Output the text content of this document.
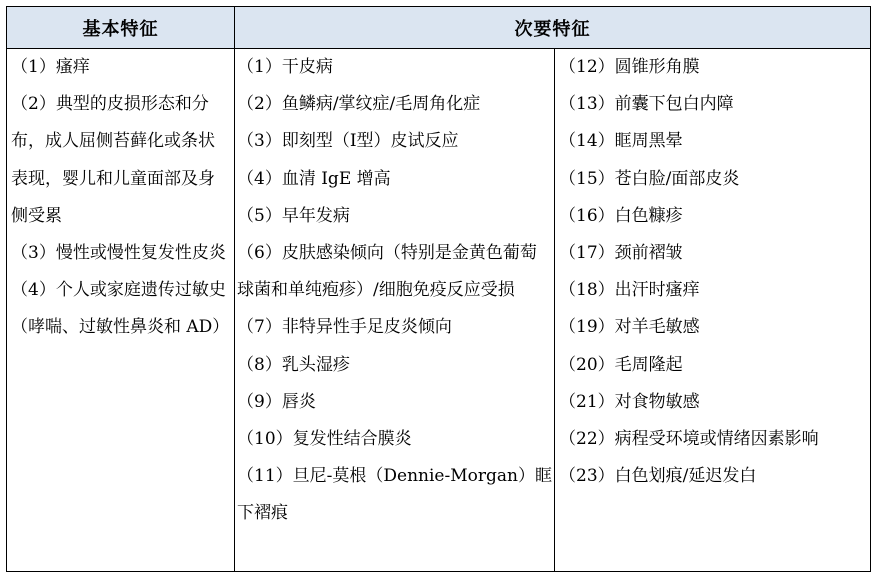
基本特征	次要特征

（1）瘙痒

（2）典型的皮损形态和分布，成人屈侧苔藓化或条状表现，婴儿和儿童面部及身侧受累

（3）慢性或慢性复发性皮炎

（4）个人或家庭遗传过敏史（哮喘、过敏性鼻炎和 AD）

（1）干皮病

（2）鱼鳞病/掌纹症/毛周角化症

（3）即刻型（Ⅰ型）皮试反应

（4）血清 IgE 增高

（5）早年发病

（6）皮肤感染倾向（特别是金黄色葡萄球菌和单纯疱疹）/细胞免疫反应受损

（7）非特异性手足皮炎倾向

（8）乳头湿疹

（9）唇炎

（10）复发性结合膜炎

（11）旦尼-莫根（Dennie-Morgan）眶下褶痕

（12）圆锥形角膜

（13）前囊下包白内障

（14）眶周黑晕

（15）苍白脸/面部皮炎

（16）白色糠疹

（17）颈前褶皱

（18）出汗时瘙痒

（19）对羊毛敏感

（20）毛周隆起

（21）对食物敏感

（22）病程受环境或情绪因素影响

（23）白色划痕/延迟发白
